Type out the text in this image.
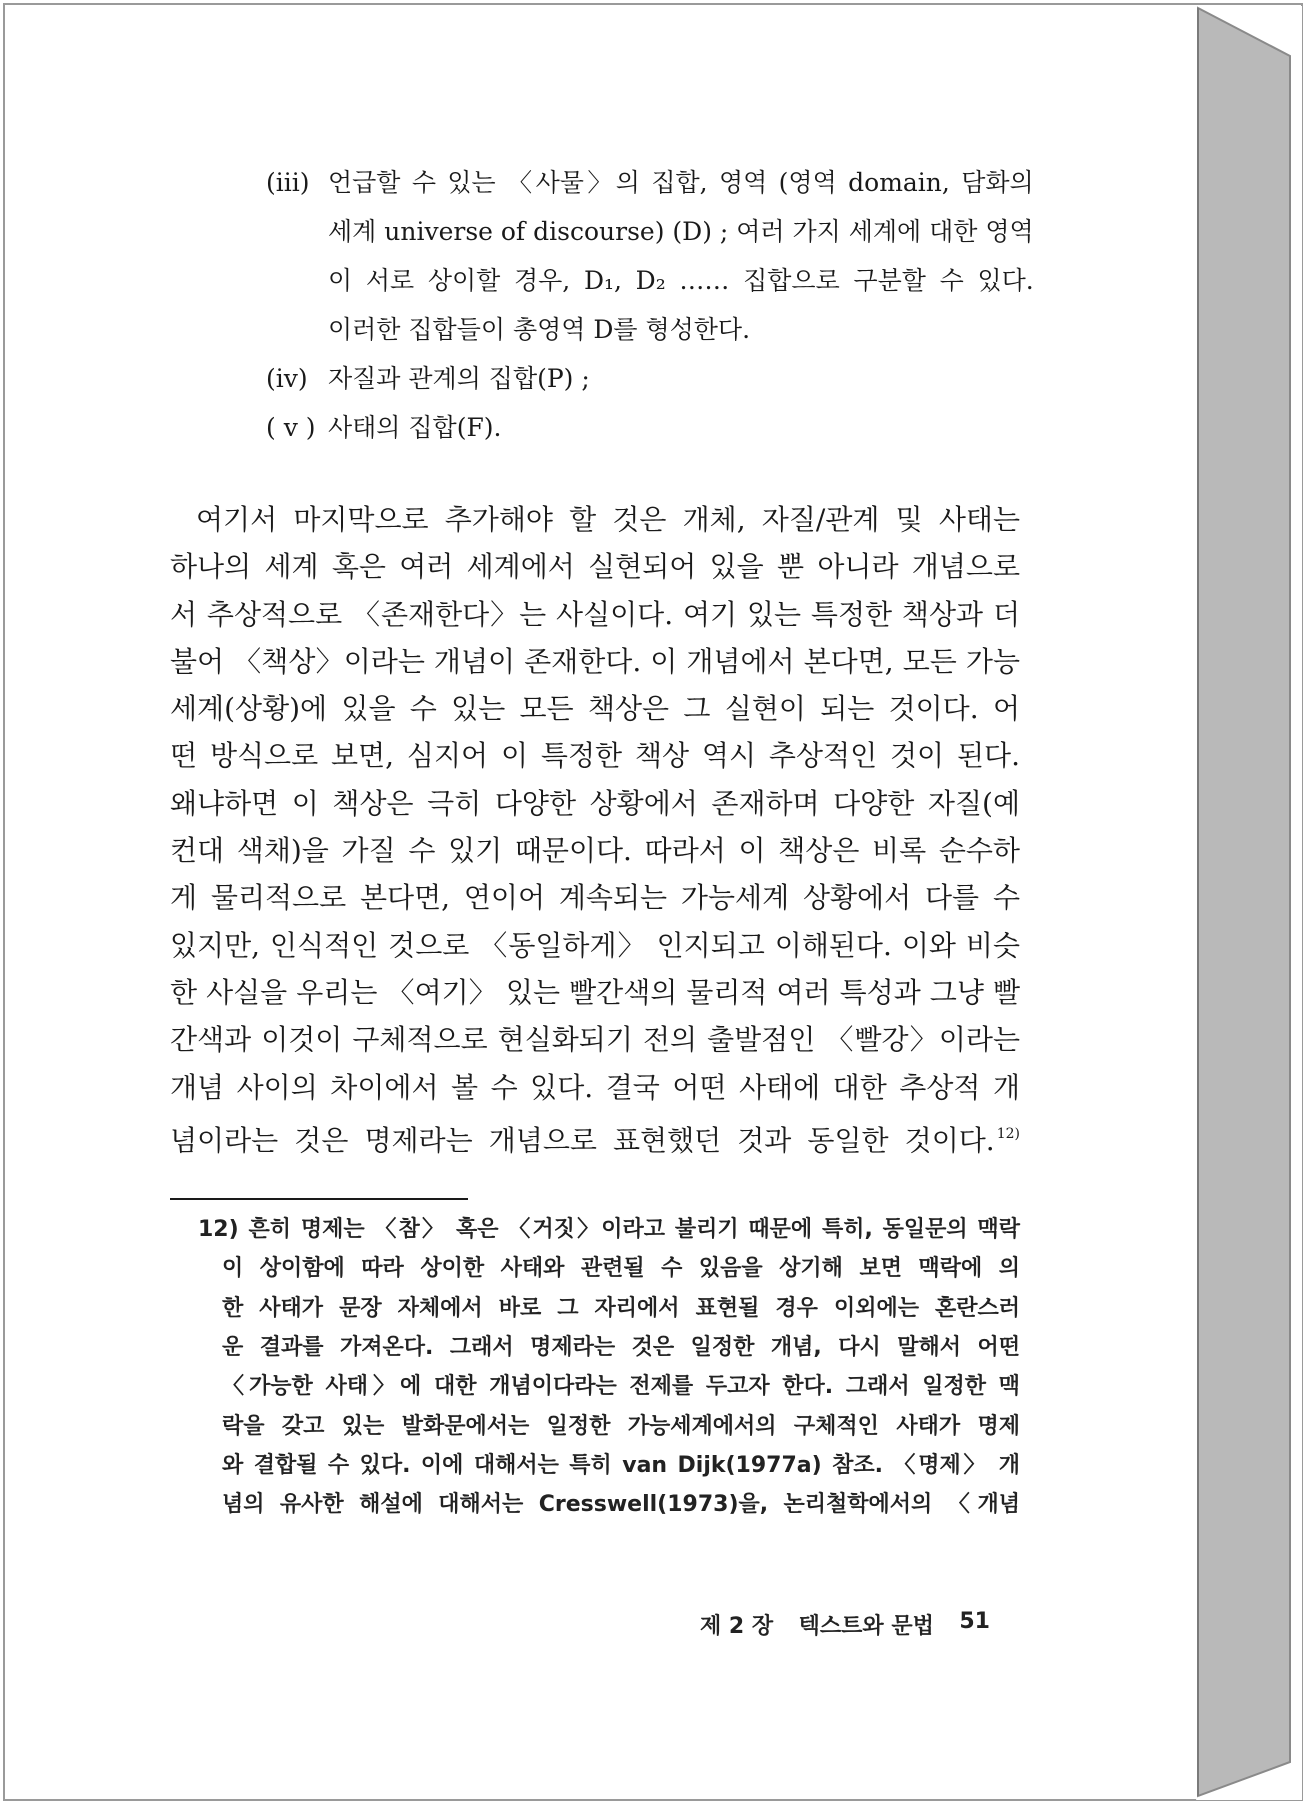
(iii) 언급할 수 있는 〈사물〉의 집합, 영역 (영역 domain, 담화의
세계 universe of discourse) (D) ; 여러 가지 세계에 대한 영역
이 서로 상이할 경우, D₁, D₂ …… 집합으로 구분할 수 있다.
이러한 집합들이 총영역 D를 형성한다.
(iv) 자질과 관계의 집합(P) ;
( v ) 사태의 집합(F).
여기서 마지막으로 추가해야 할 것은 개체, 자질/관계 및 사태는
하나의 세계 혹은 여러 세계에서 실현되어 있을 뿐 아니라 개념으로
서 추상적으로 〈존재한다〉는 사실이다. 여기 있는 특정한 책상과 더
불어 〈책상〉이라는 개념이 존재한다. 이 개념에서 본다면, 모든 가능
세계(상황)에 있을 수 있는 모든 책상은 그 실현이 되는 것이다. 어
떤 방식으로 보면, 심지어 이 특정한 책상 역시 추상적인 것이 된다.
왜냐하면 이 책상은 극히 다양한 상황에서 존재하며 다양한 자질(예
컨대 색채)을 가질 수 있기 때문이다. 따라서 이 책상은 비록 순수하
게 물리적으로 본다면, 연이어 계속되는 가능세계 상황에서 다를 수
있지만, 인식적인 것으로 〈동일하게〉 인지되고 이해된다. 이와 비슷
한 사실을 우리는 〈여기〉 있는 빨간색의 물리적 여러 특성과 그냥 빨
간색과 이것이 구체적으로 현실화되기 전의 출발점인 〈빨강〉이라는
개념 사이의 차이에서 볼 수 있다. 결국 어떤 사태에 대한 추상적 개
념이라는 것은 명제라는 개념으로 표현했던 것과 동일한 것이다. $^{12)}$
12) 흔히 명제는 〈참〉 혹은 〈거짓〉이라고 불리기 때문에 특히, 동일문의 맥락
이 상이함에 따라 상이한 사태와 관련될 수 있음을 상기해 보면 맥락에 의
한 사태가 문장 자체에서 바로 그 자리에서 표현될 경우 이외에는 혼란스러
운 결과를 가져온다. 그래서 명제라는 것은 일정한 개념, 다시 말해서 어떤
〈가능한 사태〉에 대한 개념이다라는 전제를 두고자 한다. 그래서 일정한 맥
락을 갖고 있는 발화문에서는 일정한 가능세계에서의 구체적인 사태가 명제
와 결합될 수 있다. 이에 대해서는 특히 van Dijk(1977a) 참조. 〈명제〉 개
념의 유사한 해설에 대해서는 Cresswell(1973)을, 논리철학에서의 〈개념
제 2 장 텍스트와 문법 51
